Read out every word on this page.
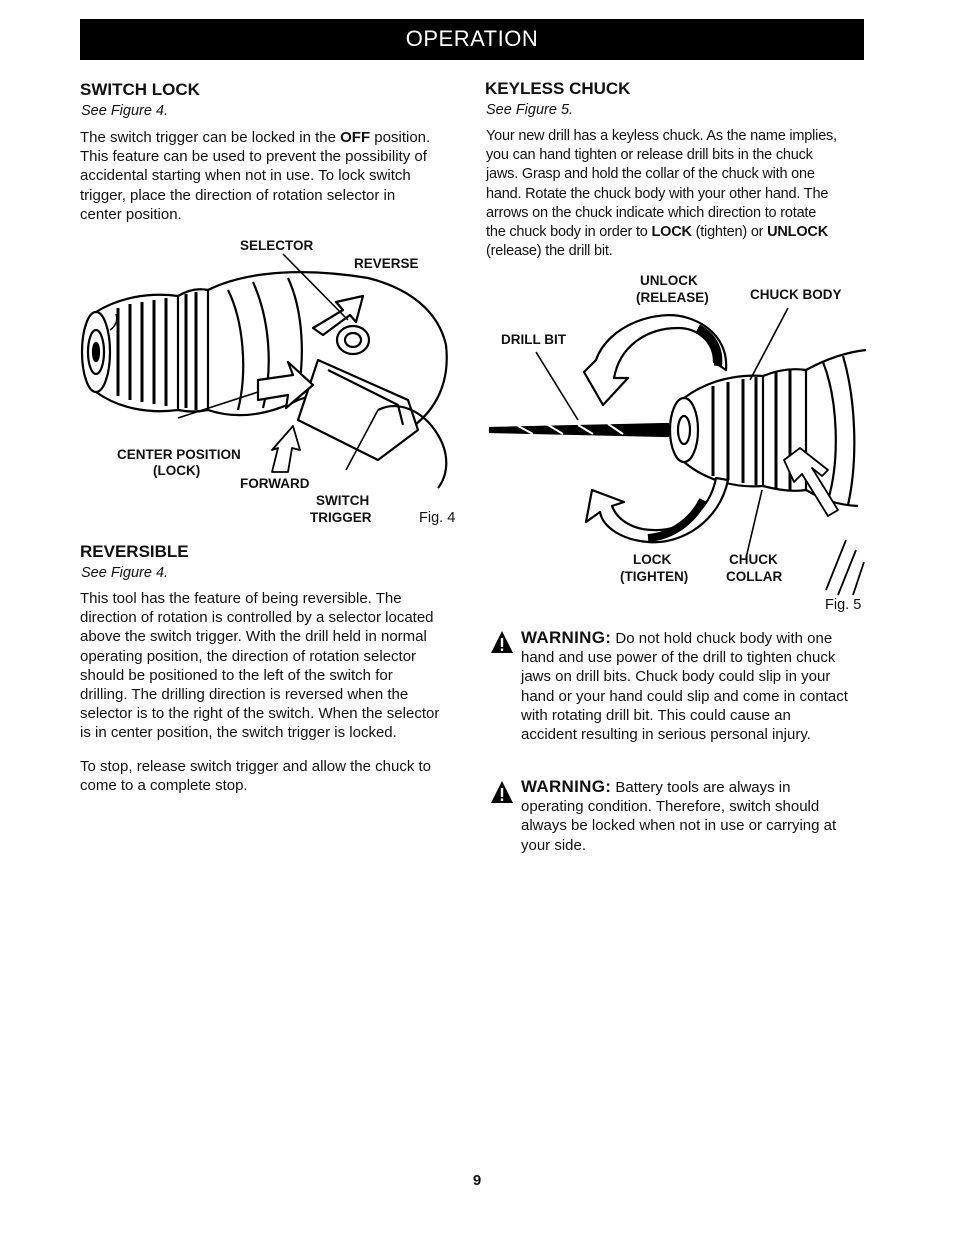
OPERATION
SWITCH LOCK
See Figure 4.
The switch trigger can be locked in the OFF position.
This feature can be used to prevent the possibility of
accidental starting when not in use. To lock switch
trigger, place the direction of rotation selector in
center position.
SELECTOR
REVERSE
CENTER POSITION
(LOCK)
FORWARD
SWITCH
TRIGGER	Fig. 4
REVERSIBLE
See Figure 4.
This tool has the feature of being reversible. The
direction of rotation is controlled by a selector located
above the switch trigger. With the drill held in normal
operating position, the direction of rotation selector
should be positioned to the left of the switch for
drilling. The drilling direction is reversed when the
selector is to the right of the switch. When the selector
is in center position, the switch trigger is locked.
To stop, release switch trigger and allow the chuck to
come to a complete stop.
KEYLESS CHUCK
See Figure 5.
Your new drill has a keyless chuck. As the name implies,
you can hand tighten or release drill bits in the chuck
jaws. Grasp and hold the collar of the chuck with one
hand. Rotate the chuck body with your other hand. The
arrows on the chuck indicate which direction to rotate
the chuck body in order to LOCK (tighten) or UNLOCK
(release) the drill bit.
UNLOCK
(RELEASE)	CHUCK BODY
DRILL BIT
LOCK
(TIGHTEN)
CHUCK
COLLAR
Fig. 5
WARNING: Do not hold chuck body with one
hand and use power of the drill to tighten chuck
jaws on drill bits. Chuck body could slip in your
hand or your hand could slip and come in contact
with rotating drill bit. This could cause an
accident resulting in serious personal injury.
WARNING: Battery tools are always in
operating condition. Therefore, switch should
always be locked when not in use or carrying at
your side.
9
